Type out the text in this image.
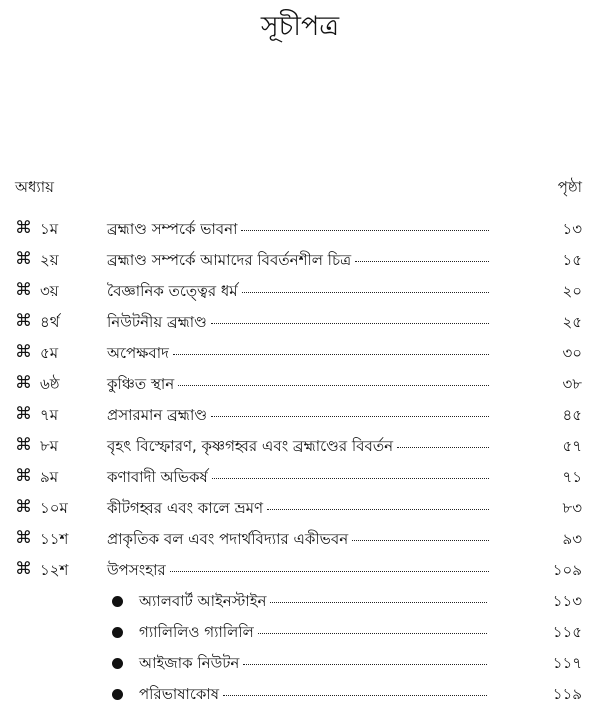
সূচীপত্র
অধ্যায়	পৃষ্ঠা
⌘ ১ম	ব্রহ্মাণ্ড সম্পর্কে ভাবনা	১৩
⌘ ২য়	ব্রহ্মাণ্ড সম্পর্কে আমাদের বিবর্তনশীল চিত্র	১৫
⌘ ৩য়	বৈজ্ঞানিক তত্ত্বের ধর্ম	২০
⌘ ৪র্থ	নিউটনীয় ব্রহ্মাণ্ড	২৫
⌘ ৫ম	অপেক্ষবাদ	৩০
⌘ ৬ষ্ঠ	কুঞ্চিত স্থান	৩৮
⌘ ৭ম	প্রসারমান ব্রহ্মাণ্ড	৪৫
⌘ ৮ম	বৃহৎ বিস্ফোরণ, কৃষ্ণগহ্বর এবং ব্রহ্মাণ্ডের বিবর্তন	৫৭
⌘ ৯ম	কণাবাদী অভিকর্ষ	৭১
⌘ ১০ম	কীটগহ্বর এবং কালে ভ্রমণ	৮৩
⌘ ১১শ	প্রাকৃতিক বল এবং পদার্থবিদ্যার একীভবন	৯৩
⌘ ১২শ	উপসংহার	১০৯
অ্যালবার্ট আইনস্টাইন	১১৩
গ্যালিলিও গ্যালিলি	১১৫
আইজাক নিউটন	১১৭
পরিভাষাকোষ	১১৯
